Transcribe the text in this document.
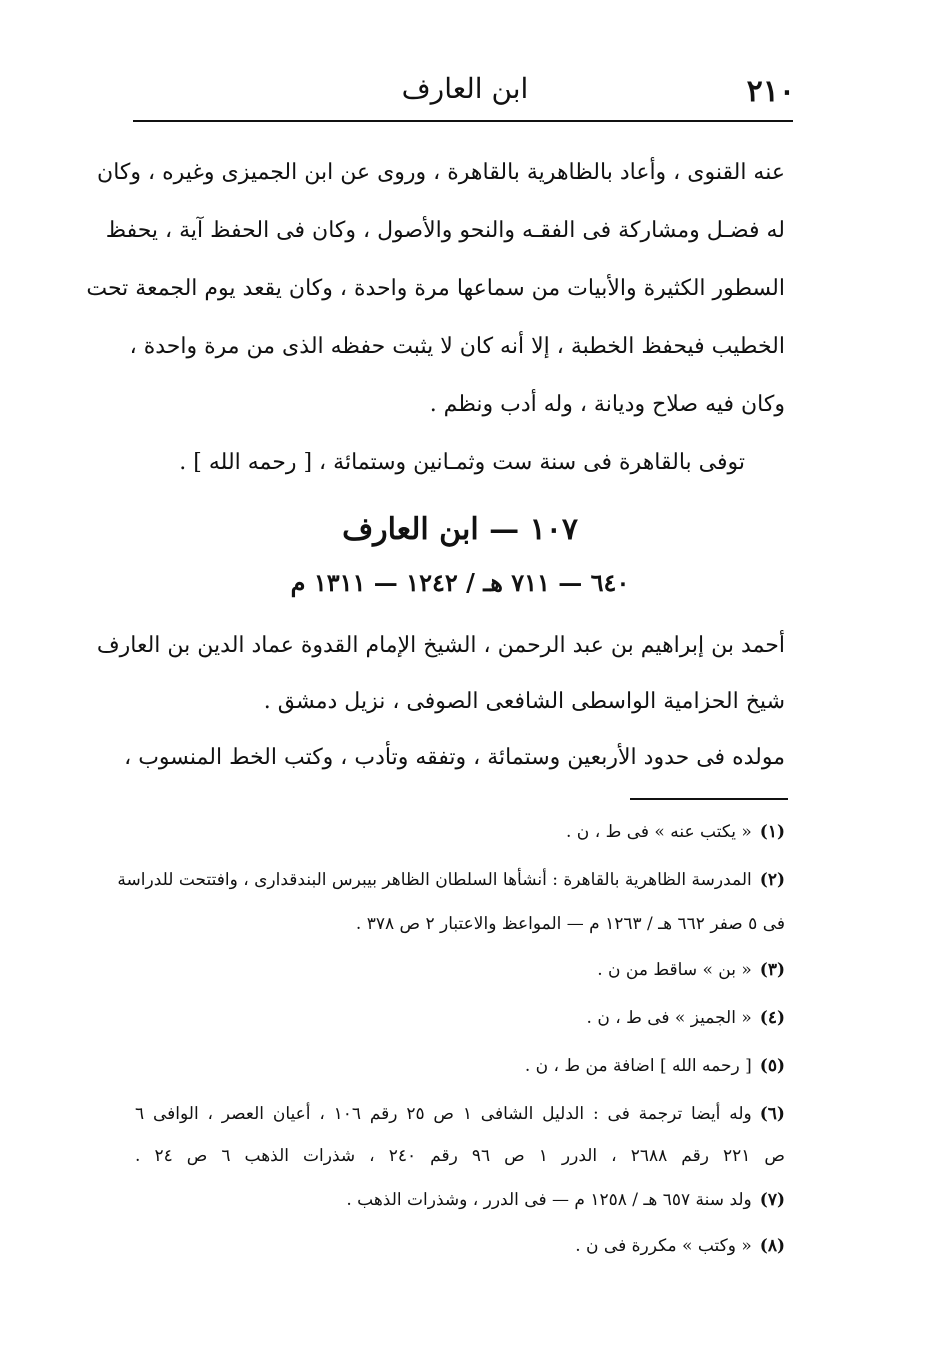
٢١٠
ابن العارف
عنه القنوى ، وأعاد بالظاهرية بالقاهرة ، وروى عن ابن الجميزى وغيره ، وكان
له فضـل ومشاركة فى الفقـه والنحو والأصول ، وكان فى الحفظ آية ، يحفظ
السطور الكثيرة والأبيات من سماعها مرة واحدة ، وكان يقعد يوم الجمعة تحت
الخطيب فيحفظ الخطبة ، إلا أنه كان لا يثبت حفظه الذى من مرة واحدة ،
وكان فيه صلاح وديانة ، وله أدب ونظم .
توفى بالقاهرة فى سنة ست وثمـانين وستمائة ، [ رحمه الله ] .
١٠٧ — ابن العارف
٦٤٠ — ٧١١ هـ / ١٢٤٢ — ١٣١١ م
أحمد بن إبراهيم بن عبد الرحمن ، الشيخ الإمام القدوة عماد الدين بن العارف
شيخ الحزامية الواسطى الشافعى الصوفى ، نزيل دمشق .
مولده فى حدود الأربعين وستمائة ، وتفقه وتأدب ، وكتب الخط المنسوب ،
(١)« يكتب عنه » فى ط ، ن .
(٢)المدرسة الظاهرية بالقاهرة : أنشأها السلطان الظاهر بيبرس البندقدارى ، وافتتحت للدراسة
فى ٥ صفر ٦٦٢ هـ / ١٢٦٣ م — المواعظ والاعتبار ٢ ص ٣٧٨ .
(٣)« بن » ساقط من ن .
(٤)« الجميز » فى ط ، ن .
(٥)[ رحمه الله ] اضافة من ط ، ن .
(٦)وله أيضا ترجمة فى : الدليل الشافى ١ ص ٢٥ رقم ١٠٦ ، أعيان العصر ، الوافى ٦
ص ٢٢١ رقم ٢٦٨٨ ، الدرر ١ ص ٩٦ رقم ٢٤٠ ، شذرات الذهب ٦ ص ٢٤ .
(٧)ولد سنة ٦٥٧ هـ / ١٢٥٨ م — فى الدرر ، وشذرات الذهب .
(٨)« وكتب » مكررة فى ن .
